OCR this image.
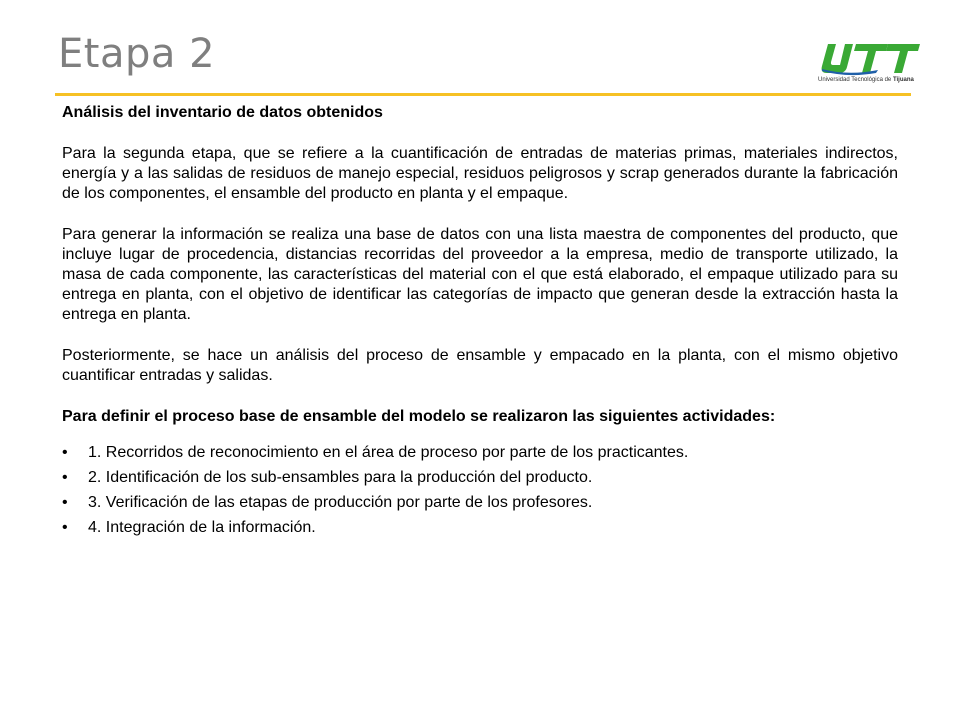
Etapa 2
Universidad Tecnológica de Tijuana
Análisis del inventario de datos obtenidos

Para la segunda etapa, que se refiere a la cuantificación de entradas de materias primas, materiales indirectos, energía y a las salidas de residuos de manejo especial, residuos peligrosos y scrap generados durante la fabricación de los componentes, el ensamble del producto en planta y el empaque.

Para generar la información se realiza una base de datos con una lista maestra de componentes del producto, que incluye lugar de procedencia, distancias recorridas del proveedor a la empresa, medio de transporte utilizado, la masa de cada componente, las características del material con el que está elaborado, el empaque utilizado para su entrega en planta, con el objetivo de identificar las categorías de impacto que generan desde la extracción hasta la entrega en planta.

Posteriormente, se hace un análisis del proceso de ensamble y empacado en la planta, con el mismo objetivo cuantificar entradas y salidas.

Para definir el proceso base de ensamble del modelo se realizaron las siguientes actividades:
• 1. Recorridos de reconocimiento en el área de proceso por parte de los practicantes.
• 2. Identificación de los sub-ensambles para la producción del producto.
• 3. Verificación de las etapas de producción por parte de los profesores.
• 4. Integración de la información.
